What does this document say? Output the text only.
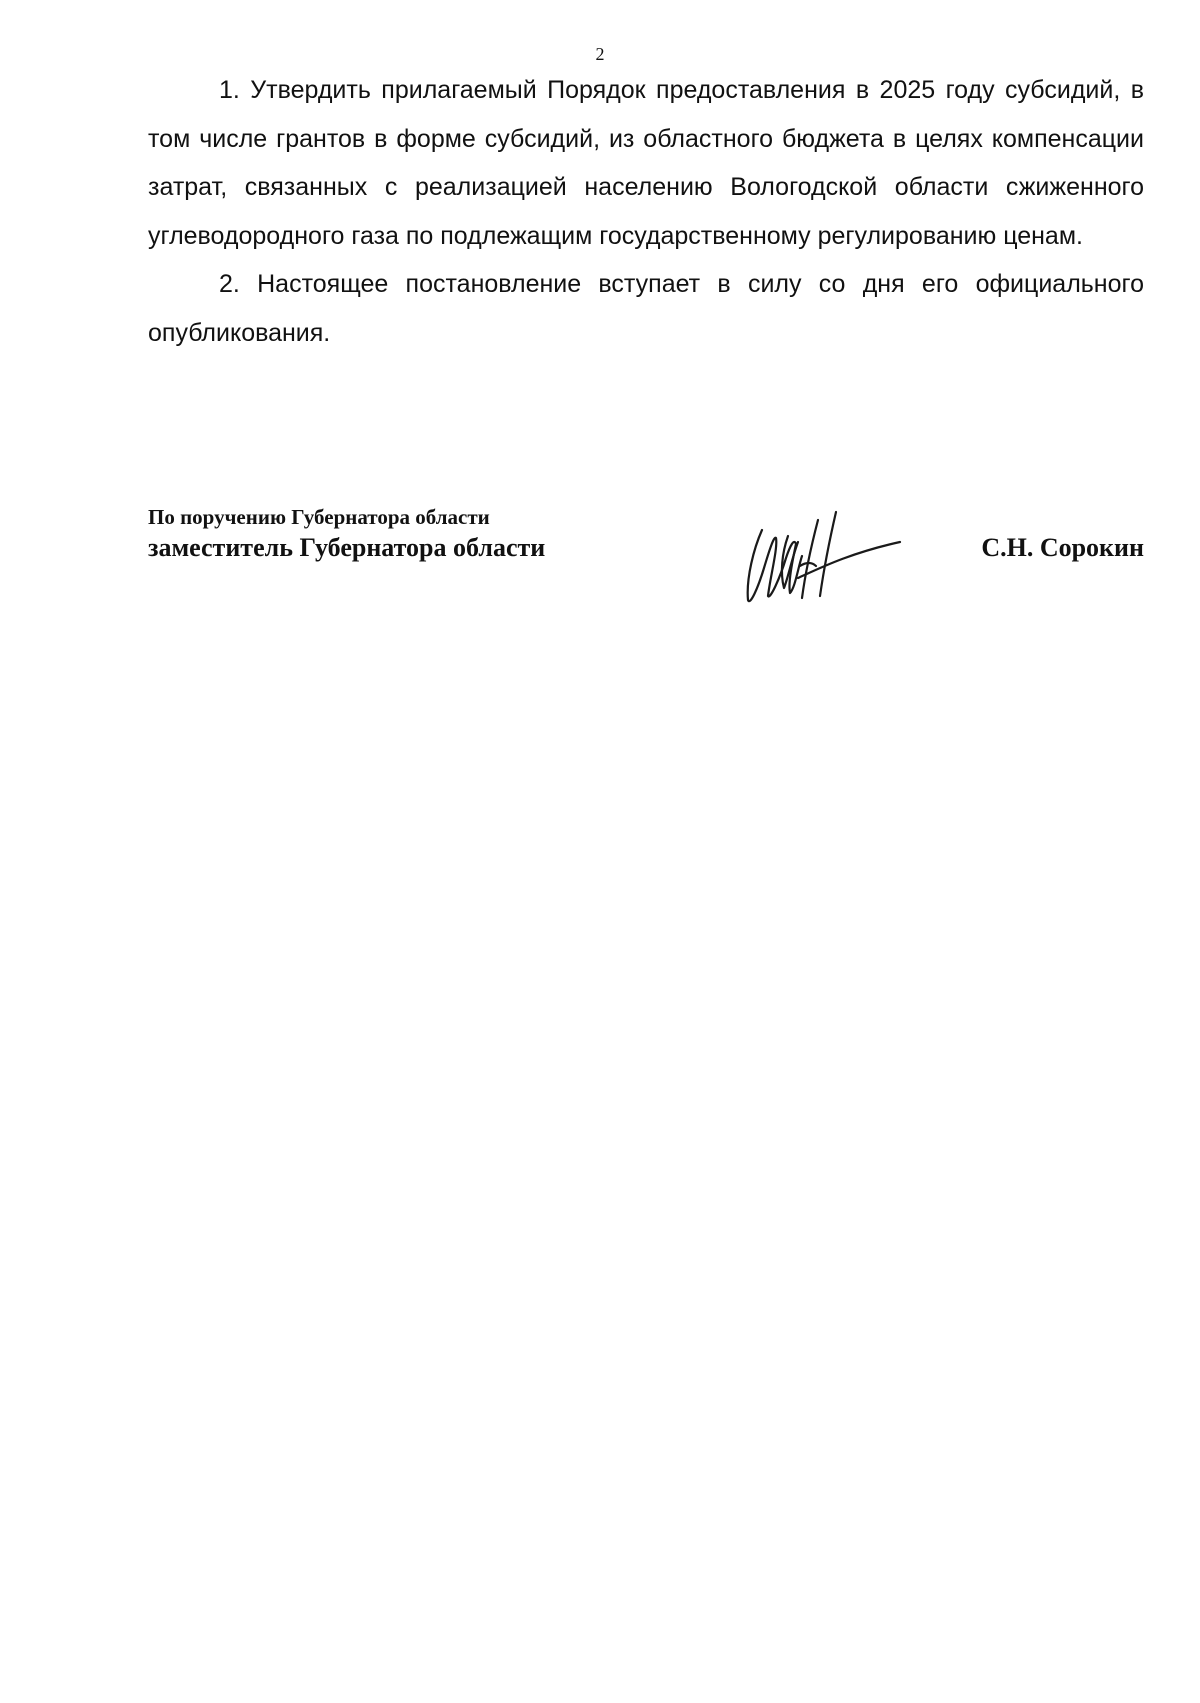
2

1. Утвердить прилагаемый Порядок предоставления в 2025 году субсидий, в том числе грантов в форме субсидий, из областного бюджета в целях компенсации затрат, связанных с реализацией населению Вологодской области сжиженного углеводородного газа по подлежащим государственному регулированию ценам.

2. Настоящее постановление вступает в силу со дня его официального опубликования.

По поручению Губернатора области
заместитель Губернатора области	С.Н. Сорокин
